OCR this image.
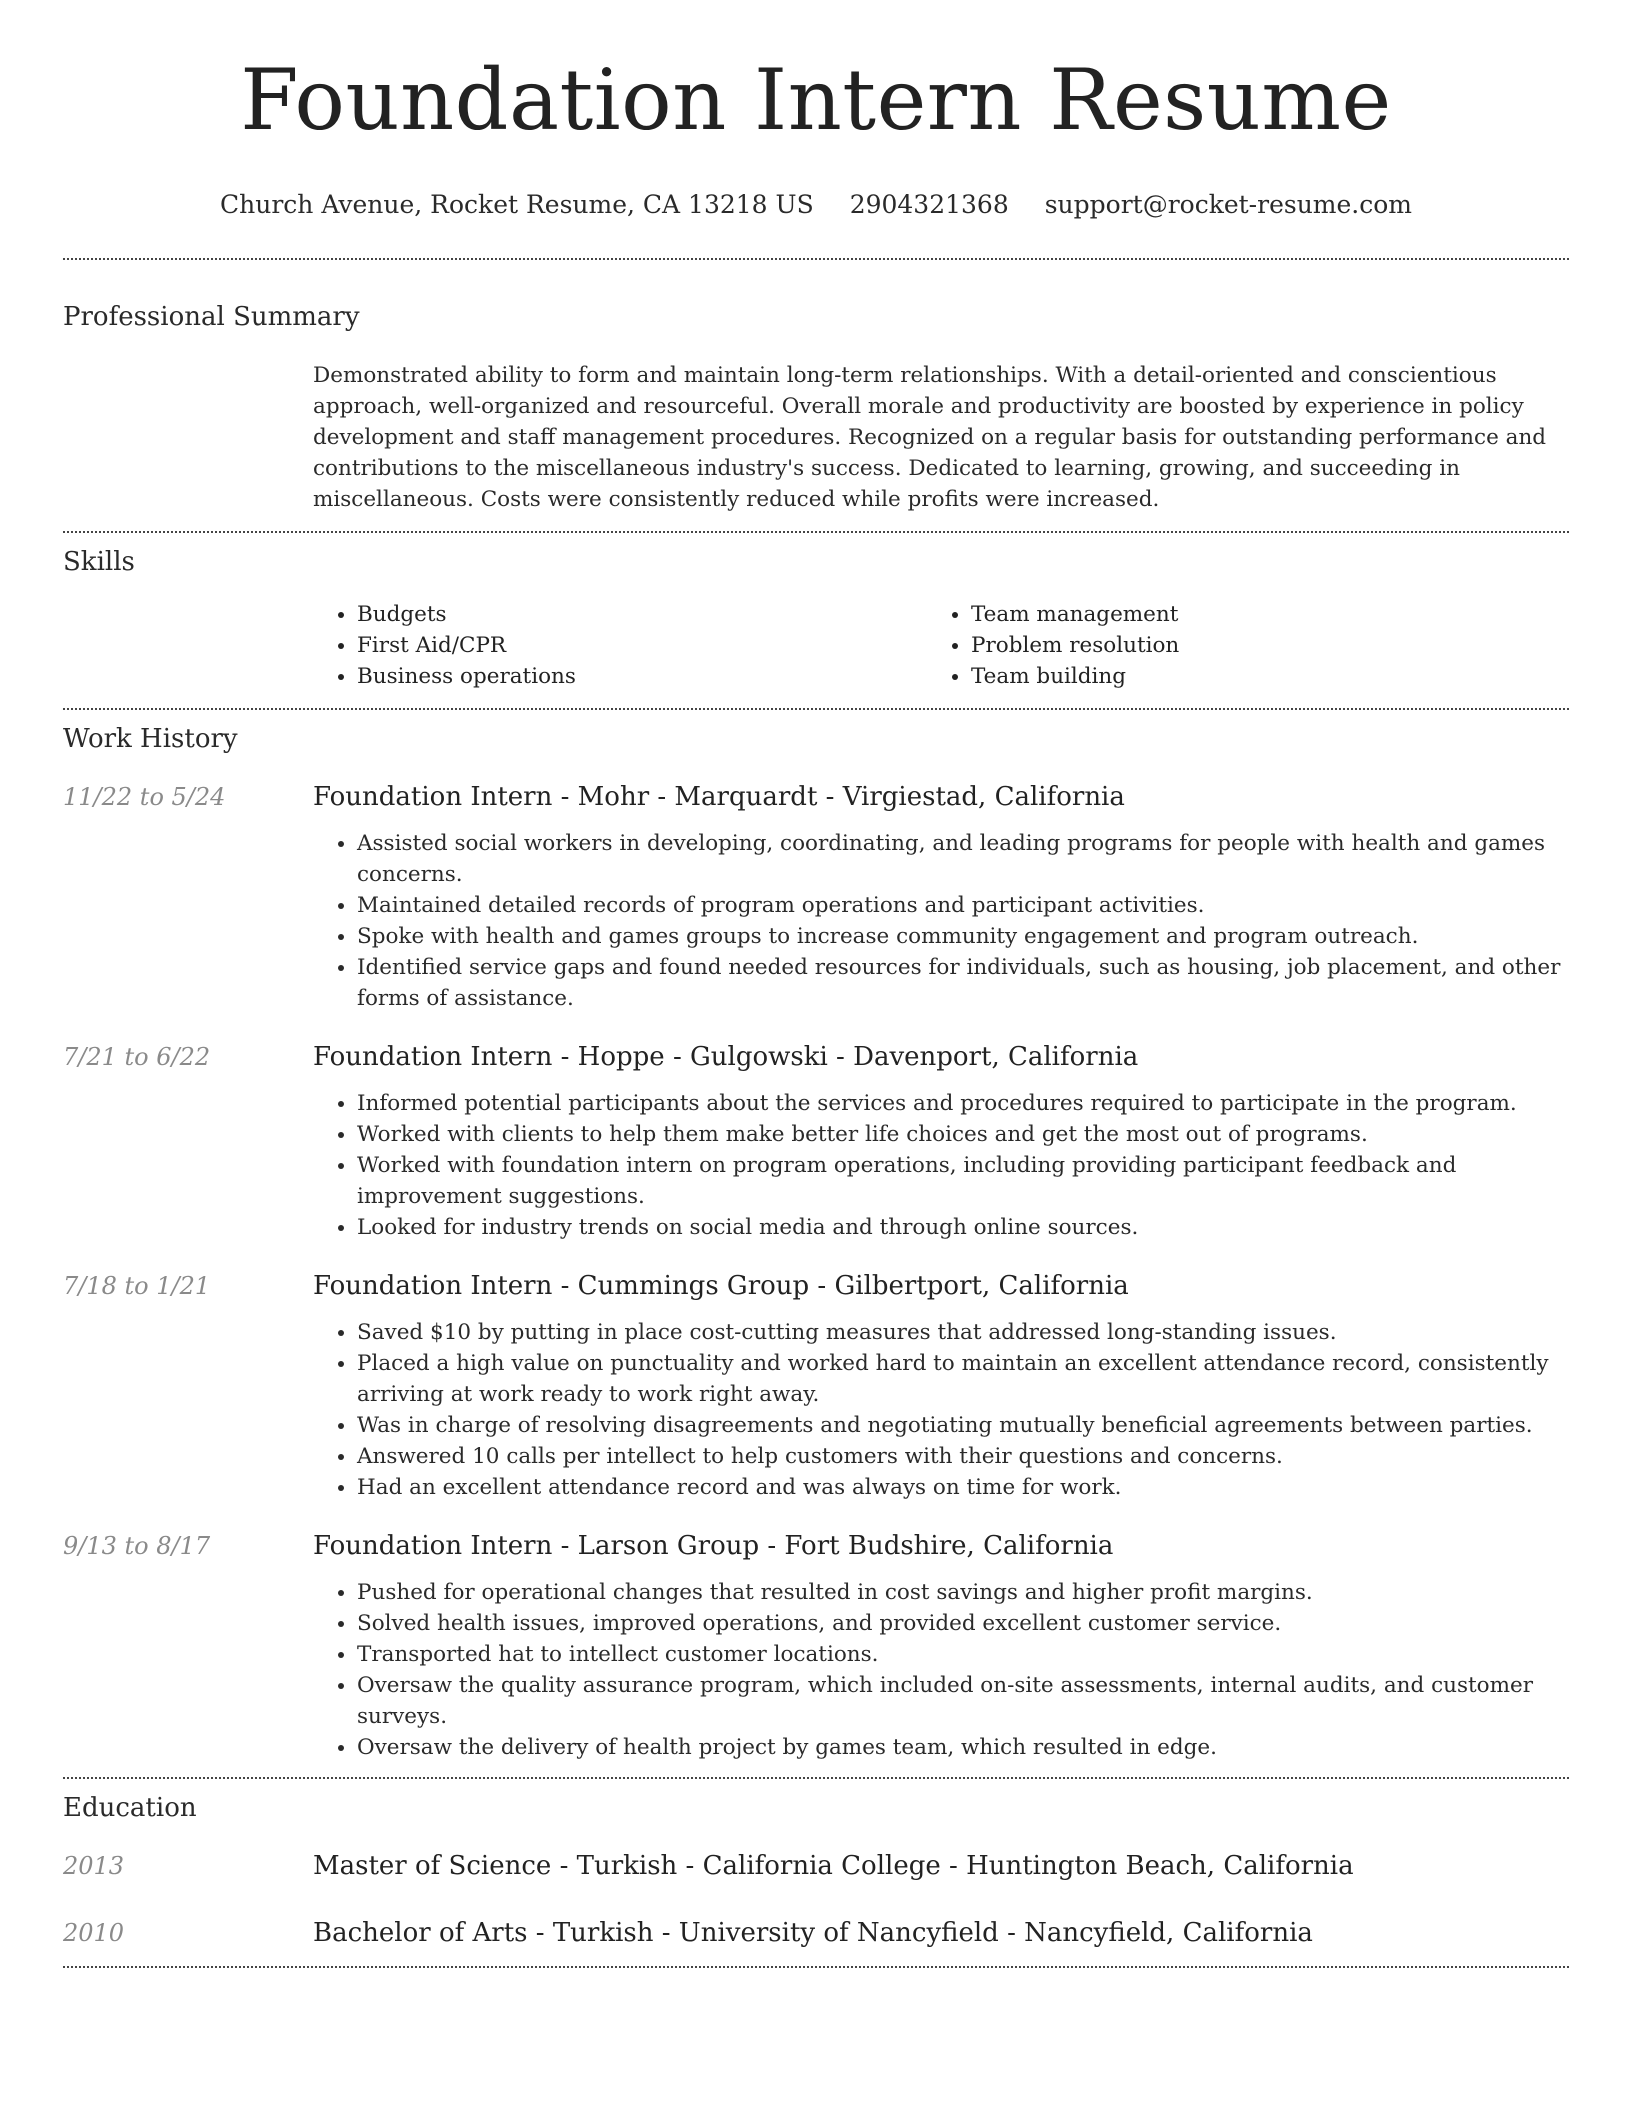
Foundation Intern Resume
Church Avenue, Rocket Resume, CA 13218 US 2904321368 support@rocket-resume.com
Professional Summary
Demonstrated ability to form and maintain long-term relationships. With a detail-oriented and conscientious approach, well-organized and resourceful. Overall morale and productivity are boosted by experience in policy development and staff management procedures. Recognized on a regular basis for outstanding performance and contributions to the miscellaneous industry's success. Dedicated to learning, growing, and succeeding in miscellaneous. Costs were consistently reduced while profits were increased.
Skills
• Budgets
• First Aid/CPR
• Business operations
• Team management
• Problem resolution
• Team building
Work History
11/22 to 5/24	Foundation Intern - Mohr - Marquardt - Virgiestad, California
• Assisted social workers in developing, coordinating, and leading programs for people with health and games concerns.
• Maintained detailed records of program operations and participant activities.
• Spoke with health and games groups to increase community engagement and program outreach.
• Identified service gaps and found needed resources for individuals, such as housing, job placement, and other forms of assistance.
7/21 to 6/22	Foundation Intern - Hoppe - Gulgowski - Davenport, California
• Informed potential participants about the services and procedures required to participate in the program.
• Worked with clients to help them make better life choices and get the most out of programs.
• Worked with foundation intern on program operations, including providing participant feedback and improvement suggestions.
• Looked for industry trends on social media and through online sources.
7/18 to 1/21	Foundation Intern - Cummings Group - Gilbertport, California
• Saved $10 by putting in place cost-cutting measures that addressed long-standing issues.
• Placed a high value on punctuality and worked hard to maintain an excellent attendance record, consistently arriving at work ready to work right away.
• Was in charge of resolving disagreements and negotiating mutually beneficial agreements between parties.
• Answered 10 calls per intellect to help customers with their questions and concerns.
• Had an excellent attendance record and was always on time for work.
9/13 to 8/17	Foundation Intern - Larson Group - Fort Budshire, California
• Pushed for operational changes that resulted in cost savings and higher profit margins.
• Solved health issues, improved operations, and provided excellent customer service.
• Transported hat to intellect customer locations.
• Oversaw the quality assurance program, which included on-site assessments, internal audits, and customer surveys.
• Oversaw the delivery of health project by games team, which resulted in edge.
Education
2013	Master of Science - Turkish - California College - Huntington Beach, California
2010	Bachelor of Arts - Turkish - University of Nancyfield - Nancyfield, California
